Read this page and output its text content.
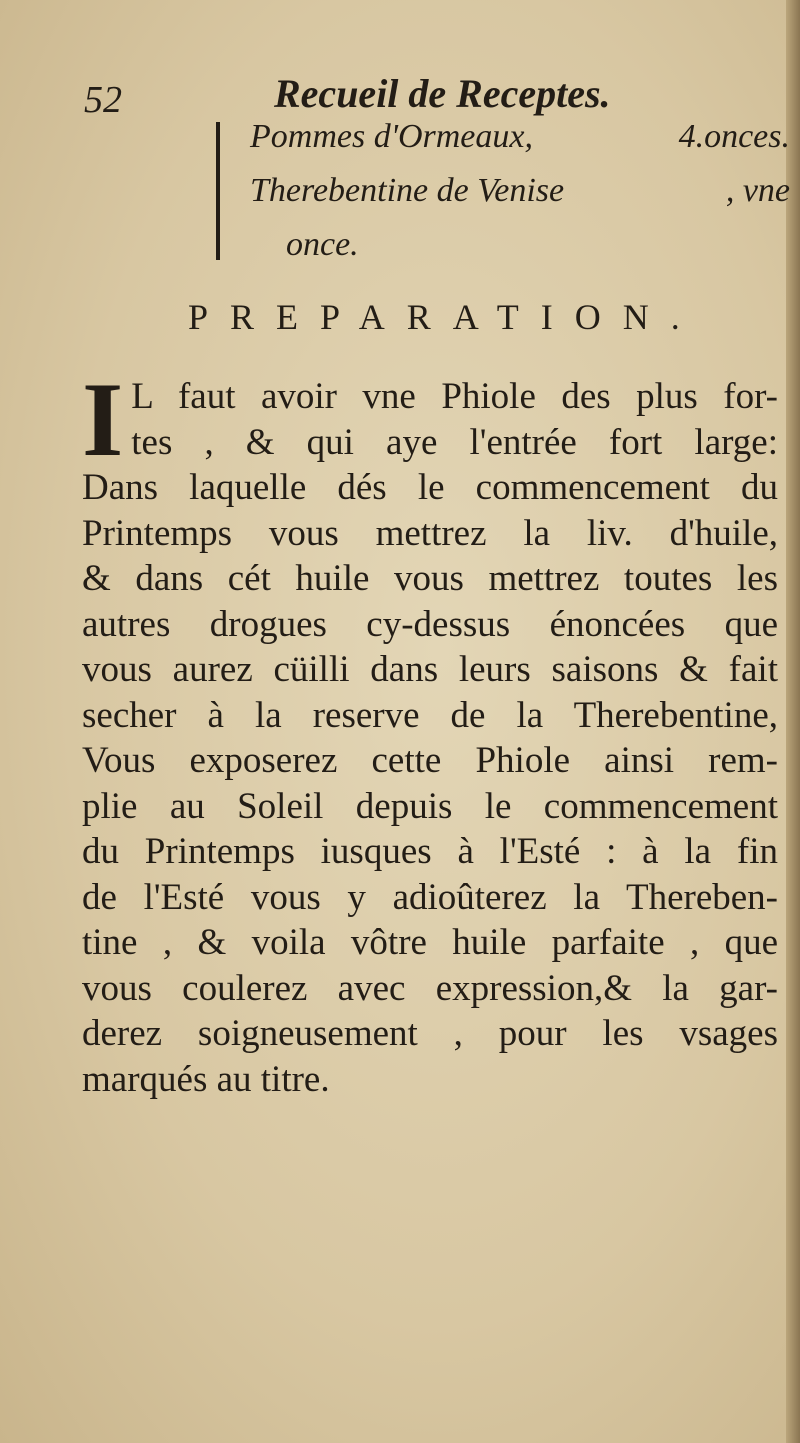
52	Recueil de Receptes.
Pommes d'Ormeaux,	4.onces.
Therebentine de Venise	, vne
once.
PREPARATION.
I L faut avoir vne Phiole des plus for-
tes , & qui aye l'entrée fort large:
Dans laquelle dés le commencement du
Printemps vous mettrez la liv. d'huile,
& dans cét huile vous mettrez toutes les
autres drogues cy-dessus énoncées que
vous aurez cüilli dans leurs saisons & fait
secher à la reserve de la Therebentine,
Vous exposerez cette Phiole ainsi rem-
plie au Soleil depuis le commencement
du Printemps iusques à l'Esté : à la fin
de l'Esté vous y adioûterez la Thereben-
tine , & voila vôtre huile parfaite , que
vous coulerez avec expression,& la gar-
derez soigneusement , pour les vsages
marqués au titre.
